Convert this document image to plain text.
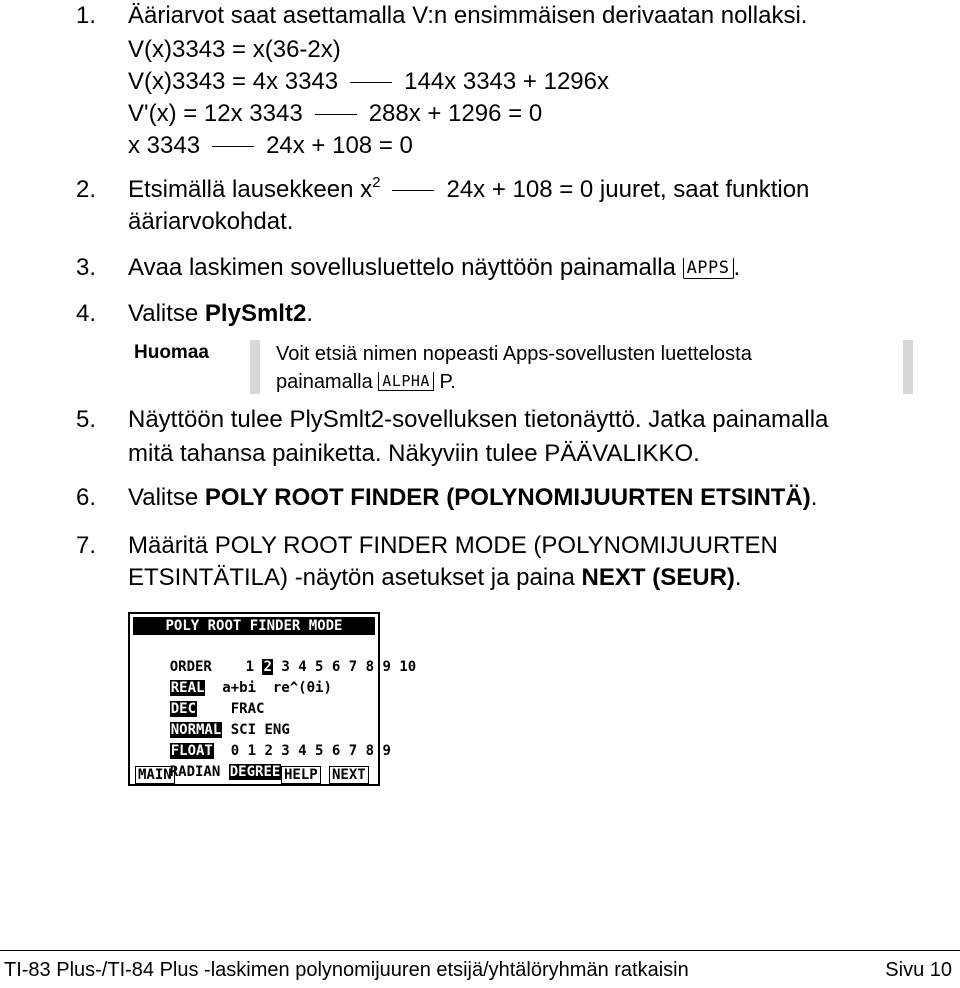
1. Ääriarvot saat asettamalla V:n ensimmäisen derivaatan nollaksi.
V(x)3343 = x(36-2x)
V(x)3343 = 4x 3343	144x 3343 + 1296x
V'(x) = 12x 3343	288x + 1296 = 0
x 3343	24x + 108 = 0
2. Etsimällä lausekkeen $x^2$	24x + 108 = 0 juuret, saat funktion
ääriarvokohdat.
3. Avaa laskimen sovellusluettelo näyttöön painamalla APPS .
4. Valitse PlySmlt2.
Huomaa	Voit etsiä nimen nopeasti Apps-sovellusten luettelosta
painamalla ALPHA P.
5. Näyttöön tulee PlySmlt2-sovelluksen tietonäyttö. Jatka painamalla
mitä tahansa painiketta. Näkyviin tulee PÄÄVALIKKO.
6. Valitse POLY ROOT FINDER (POLYNOMIJUURTEN ETSINTÄ).
7. Määritä POLY ROOT FINDER MODE (POLYNOMIJUURTEN
ETSINTÄTILA) -näytön asetukset ja paina NEXT (SEUR).
POLY ROOT FINDER MODE

ORDER 1 2 3 4 5 6 7 8 9 10

REAL a+bi re^(θi)

DEC FRAC

NORMAL SCI ENG

FLOAT 0 1 2 3 4 5 6 7 8 9

RADIAN DEGREE

MAIN	HELP NEXT
TI-83 Plus-/TI-84 Plus -laskimen polynomijuuren etsijä/yhtälöryhmän ratkaisin	Sivu 10
